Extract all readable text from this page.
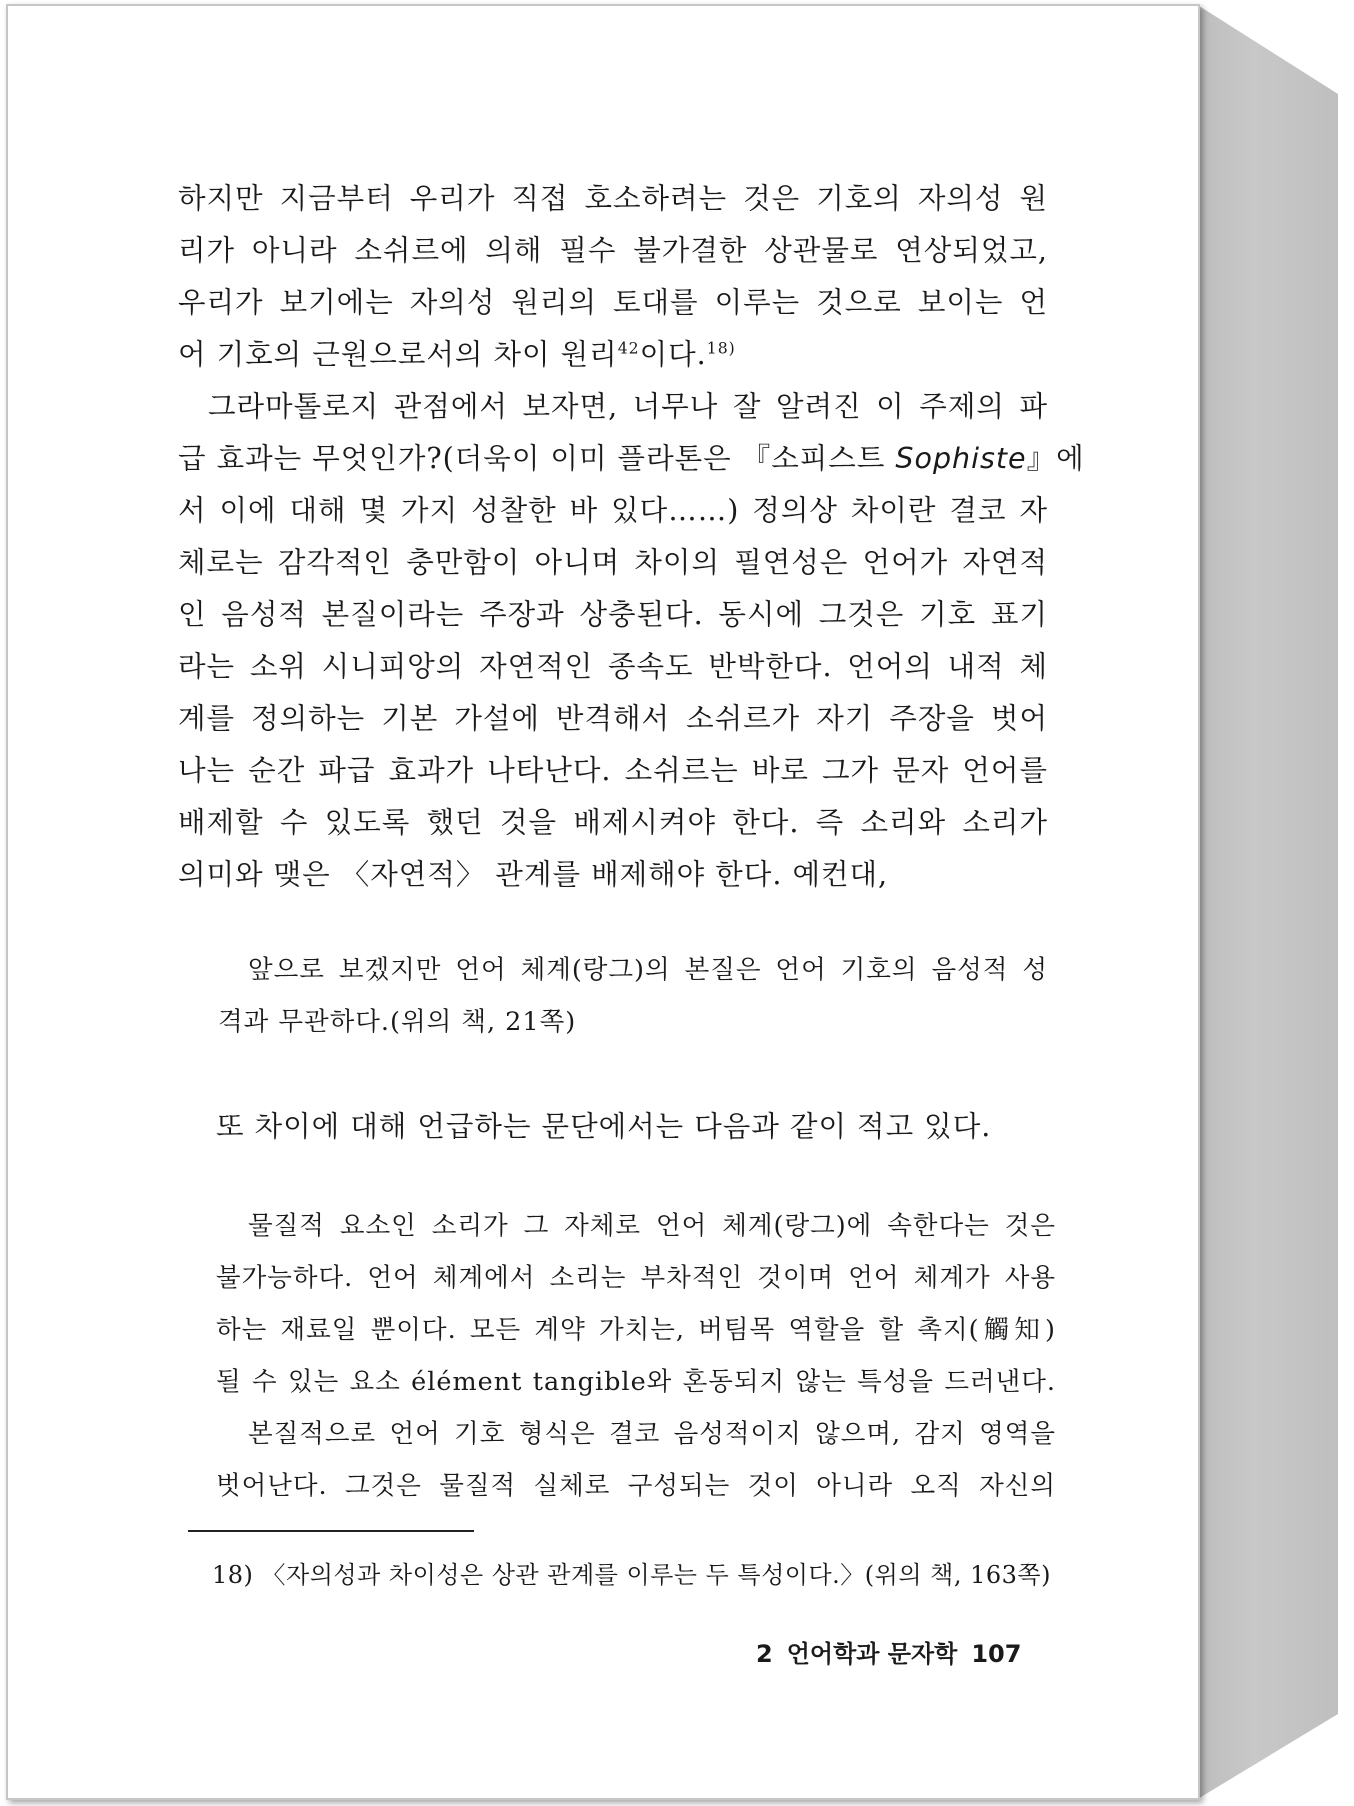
하지만 지금부터 우리가 직접 호소하려는 것은 기호의 자의성 원
리가 아니라 소쉬르에 의해 필수 불가결한 상관물로 연상되었고,
우리가 보기에는 자의성 원리의 토대를 이루는 것으로 보이는 언
어 기호의 근원으로서의 차이 원리$^{42}$이다.$^{18)}$
그라마톨로지 관점에서 보자면, 너무나 잘 알려진 이 주제의 파
급 효과는 무엇인가?(더욱이 이미 플라톤은 『소피스트 Sophiste』에
서 이에 대해 몇 가지 성찰한 바 있다……) 정의상 차이란 결코 자
체로는 감각적인 충만함이 아니며 차이의 필연성은 언어가 자연적
인 음성적 본질이라는 주장과 상충된다. 동시에 그것은 기호 표기
라는 소위 시니피앙의 자연적인 종속도 반박한다. 언어의 내적 체
계를 정의하는 기본 가설에 반격해서 소쉬르가 자기 주장을 벗어
나는 순간 파급 효과가 나타난다. 소쉬르는 바로 그가 문자 언어를
배제할 수 있도록 했던 것을 배제시켜야 한다. 즉 소리와 소리가
의미와 맺은 〈자연적〉 관계를 배제해야 한다. 예컨대,
앞으로 보겠지만 언어 체계(랑그)의 본질은 언어 기호의 음성적 성
격과 무관하다.(위의 책, 21쪽)
또 차이에 대해 언급하는 문단에서는 다음과 같이 적고 있다.
물질적 요소인 소리가 그 자체로 언어 체계(랑그)에 속한다는 것은
불가능하다. 언어 체계에서 소리는 부차적인 것이며 언어 체계가 사용
하는 재료일 뿐이다. 모든 계약 가치는, 버팀목 역할을 할 촉지(觸知)
될 수 있는 요소 élément tangible와 혼동되지 않는 특성을 드러낸다.
본질적으로 언어 기호 형식은 결코 음성적이지 않으며, 감지 영역을
벗어난다. 그것은 물질적 실체로 구성되는 것이 아니라 오직 자신의
18) 〈자의성과 차이성은 상관 관계를 이루는 두 특성이다.〉(위의 책, 163쪽)
2 언어학과 문자학 107
